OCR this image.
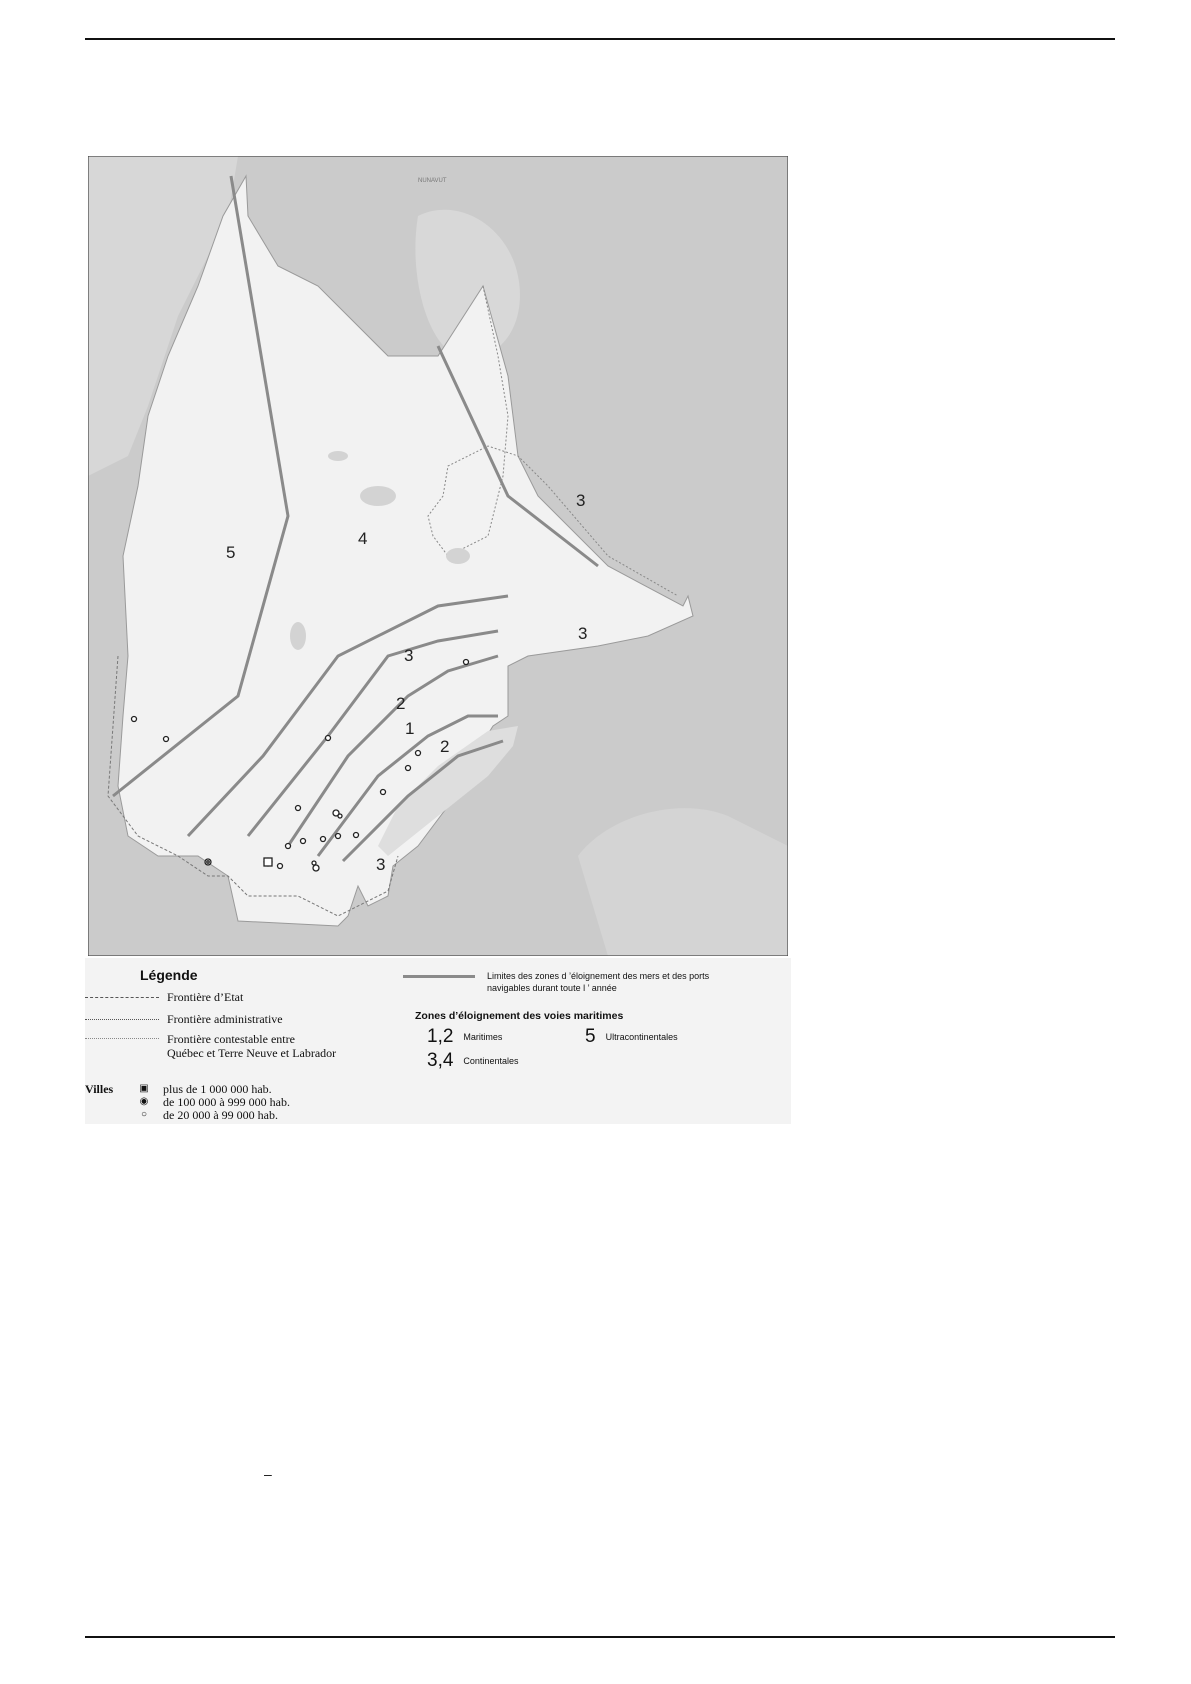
NUNAVUT
5
4
3
3
3
2
1
2
3
Légende
Frontière d’Etat
Frontière administrative
Frontière contestable entre
Québec et Terre Neuve et Labrador
Limites des zones d ’éloignement des mers et des ports
navigables durant toute l ’ année
Zones d’éloignement des voies maritimes
1,2 Maritimes	5 Ultracontinentales
3,4 Continentales
Villes	▣	plus de 1 000 000 hab.
◉	de 100 000 à 999 000 hab.
○	de 20 000 à 99 000 hab.
–
